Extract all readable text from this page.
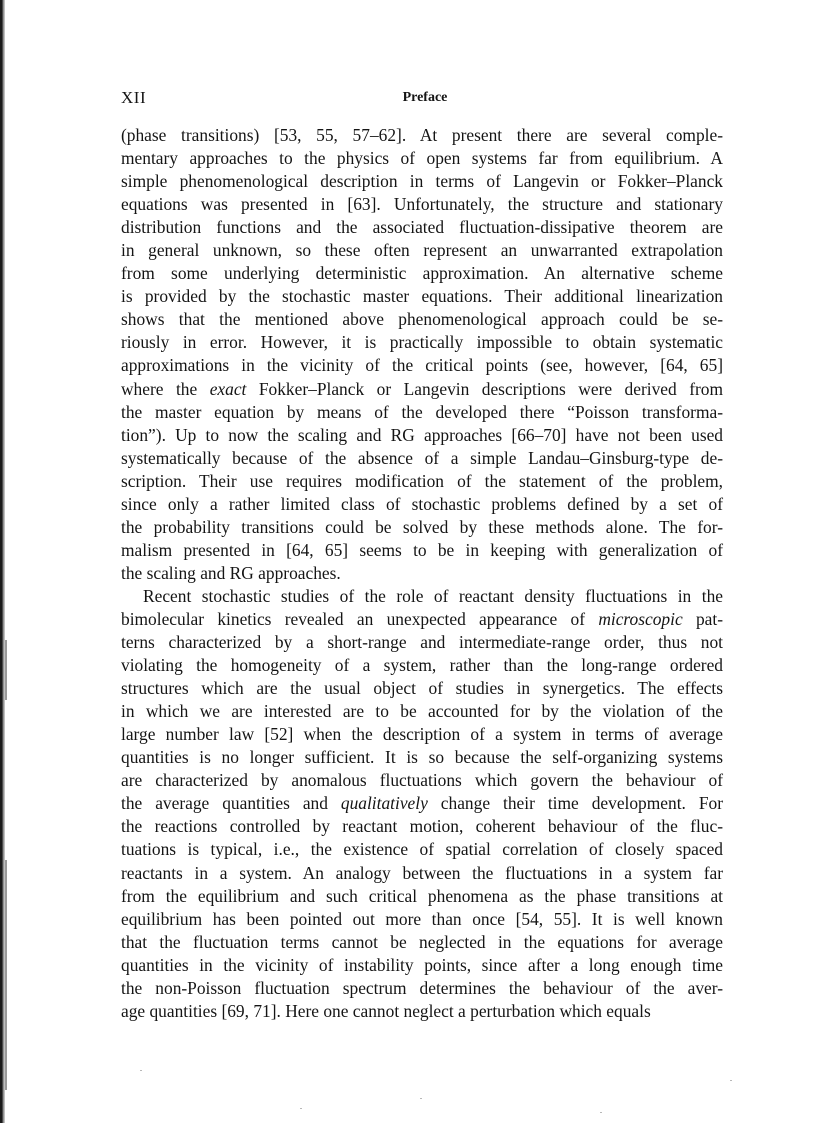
XII	Preface
(phase transitions) [53, 55, 57–62]. At present there are several comple-
mentary approaches to the physics of open systems far from equilibrium. A
simple phenomenological description in terms of Langevin or Fokker–Planck
equations was presented in [63]. Unfortunately, the structure and stationary
distribution functions and the associated fluctuation-dissipative theorem are
in general unknown, so these often represent an unwarranted extrapolation
from some underlying deterministic approximation. An alternative scheme
is provided by the stochastic master equations. Their additional linearization
shows that the mentioned above phenomenological approach could be se-
riously in error. However, it is practically impossible to obtain systematic
approximations in the vicinity of the critical points (see, however, [64, 65]
where the exact Fokker–Planck or Langevin descriptions were derived from
the master equation by means of the developed there “Poisson transforma-
tion”). Up to now the scaling and RG approaches [66–70] have not been used
systematically because of the absence of a simple Landau–Ginsburg-type de-
scription. Their use requires modification of the statement of the problem,
since only a rather limited class of stochastic problems defined by a set of
the probability transitions could be solved by these methods alone. The for-
malism presented in [64, 65] seems to be in keeping with generalization of
the scaling and RG approaches.
Recent stochastic studies of the role of reactant density fluctuations in the
bimolecular kinetics revealed an unexpected appearance of microscopic pat-
terns characterized by a short-range and intermediate-range order, thus not
violating the homogeneity of a system, rather than the long-range ordered
structures which are the usual object of studies in synergetics. The effects
in which we are interested are to be accounted for by the violation of the
large number law [52] when the description of a system in terms of average
quantities is no longer sufficient. It is so because the self-organizing systems
are characterized by anomalous fluctuations which govern the behaviour of
the average quantities and qualitatively change their time development. For
the reactions controlled by reactant motion, coherent behaviour of the fluc-
tuations is typical, i.e., the existence of spatial correlation of closely spaced
reactants in a system. An analogy between the fluctuations in a system far
from the equilibrium and such critical phenomena as the phase transitions at
equilibrium has been pointed out more than once [54, 55]. It is well known
that the fluctuation terms cannot be neglected in the equations for average
quantities in the vicinity of instability points, since after a long enough time
the non-Poisson fluctuation spectrum determines the behaviour of the aver-
age quantities [69, 71]. Here one cannot neglect a perturbation which equals
